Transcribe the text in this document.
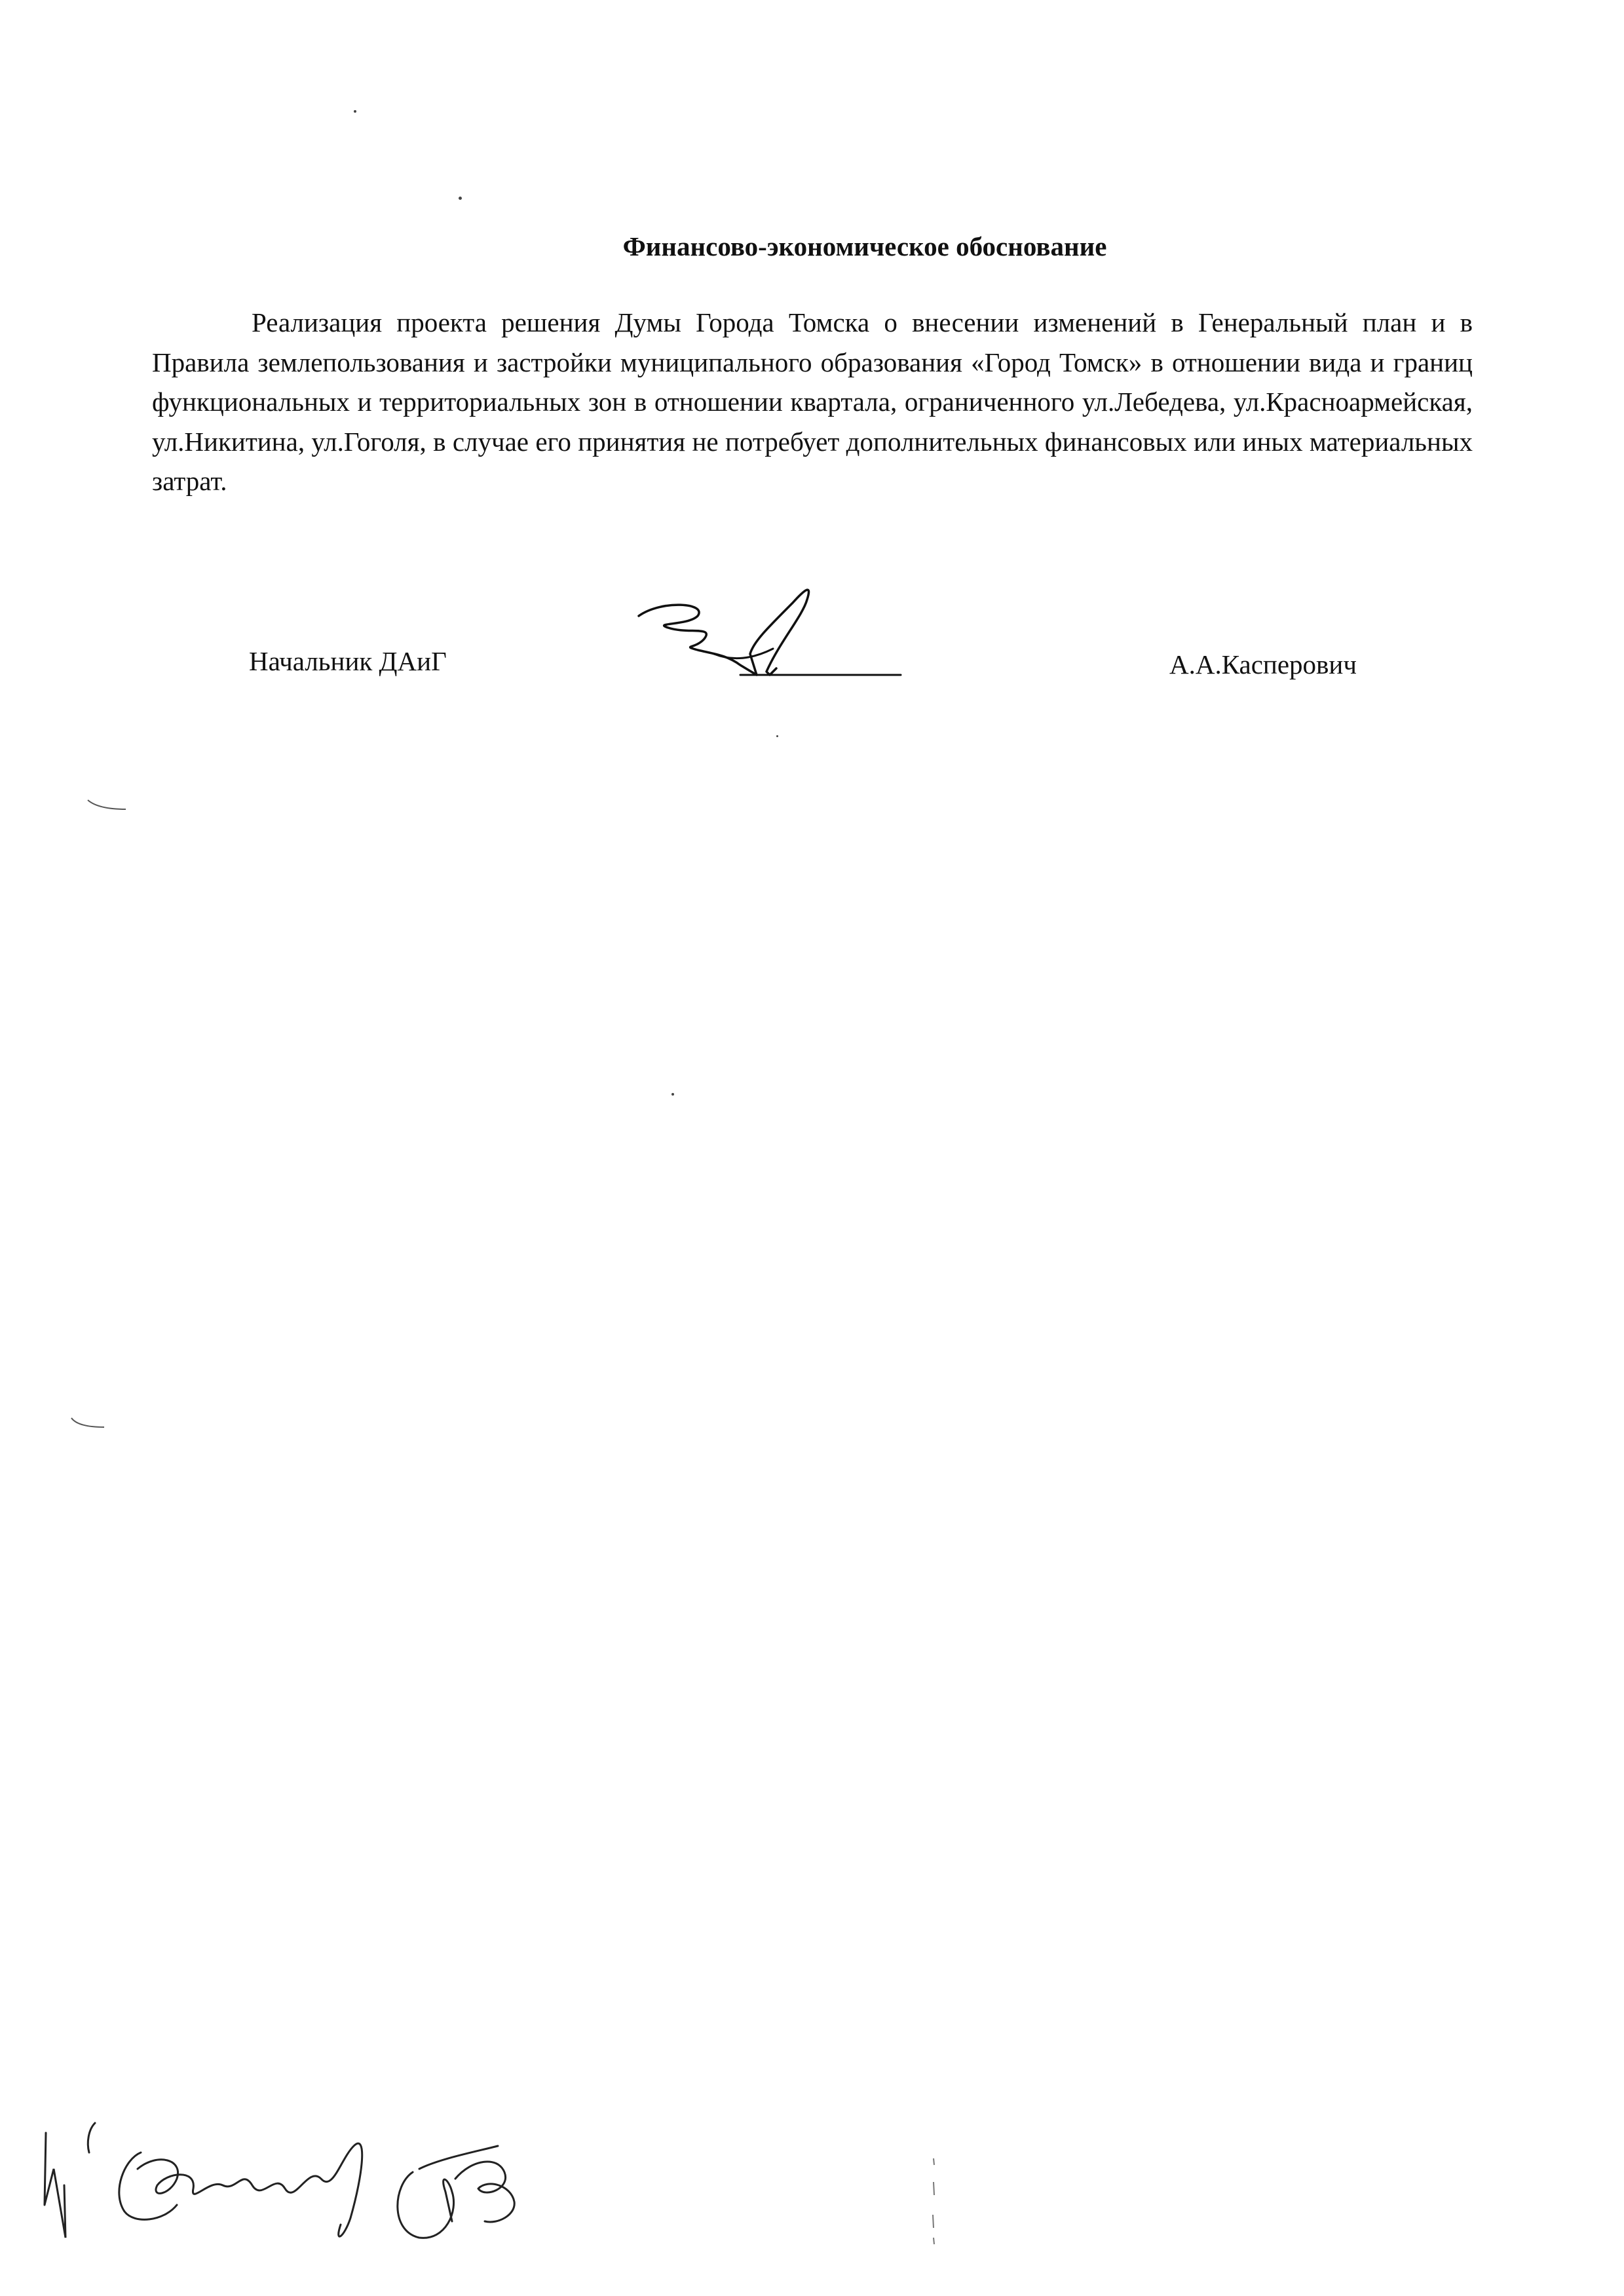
Финансово-экономическое обоснование

Реализация проекта решения Думы Города Томска о внесении изменений в Генеральный план и в Правила землепользования и застройки муниципального образования «Город Томск» в отношении вида и границ функциональных и территориальных зон в отношении квартала, ограниченного ул.Лебедева, ул.Красноармейская, ул.Никитина, ул.Гоголя, в случае его принятия не потребует дополнительных финансовых или иных материальных затрат.

Начальник ДАиГ	А.А.Касперович
